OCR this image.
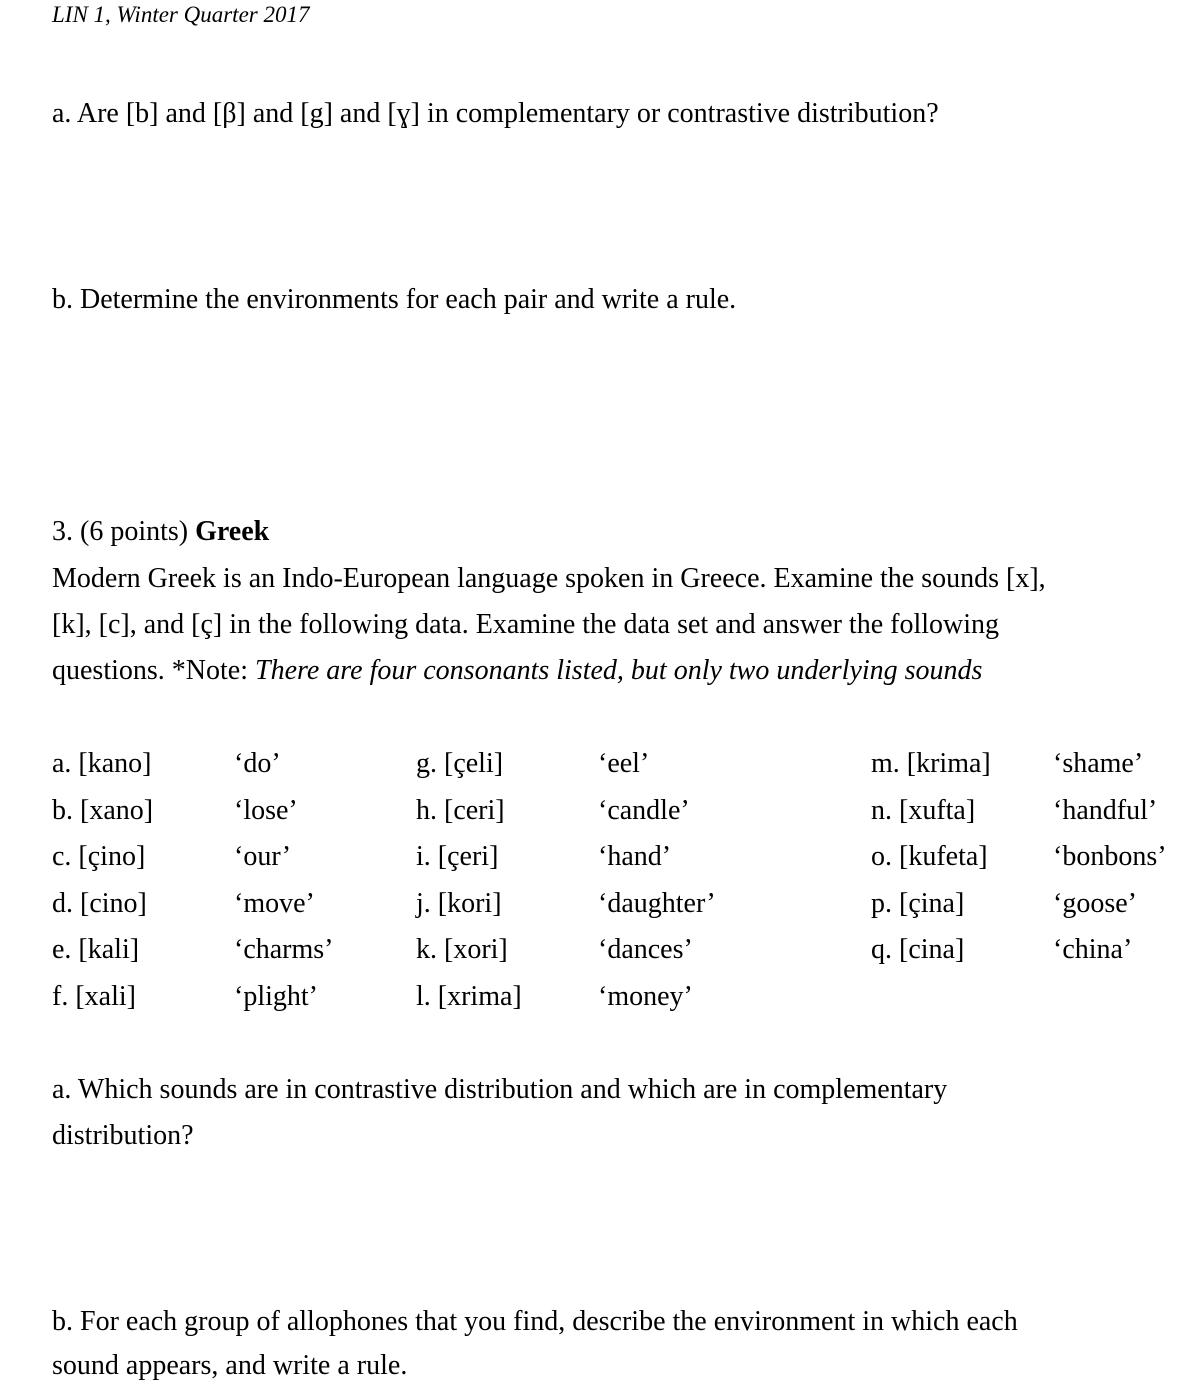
LIN 1, Winter Quarter 2017
a. Are [b] and [β] and [g] and [ɣ] in complementary or contrastive distribution?
b. Determine the environments for each pair and write a rule.
3. (6 points) Greek
Modern Greek is an Indo-European language spoken in Greece. Examine the sounds [x],
[k], [c], and [ç] in the following data. Examine the data set and answer the following
questions. *Note: There are four consonants listed, but only two underlying sounds
a. [kano]
b. [xano]
c. [çino]
d. [cino]
e. [kali]
f. [xali]
‘do’
‘lose’
‘our’
‘move’
‘charms’
‘plight’
g. [çeli]
h. [ceri]
i. [çeri]
j. [kori]
k. [xori]
l. [xrima]
‘eel’
‘candle’
‘hand’
‘daughter’
‘dances’
‘money’
m. [krima]
n. [xufta]
o. [kufeta]
p. [çina]
q. [cina]
‘shame’
‘handful’
‘bonbons’
‘goose’
‘china’
a. Which sounds are in contrastive distribution and which are in complementary
distribution?
b. For each group of allophones that you find, describe the environment in which each
sound appears, and write a rule.
